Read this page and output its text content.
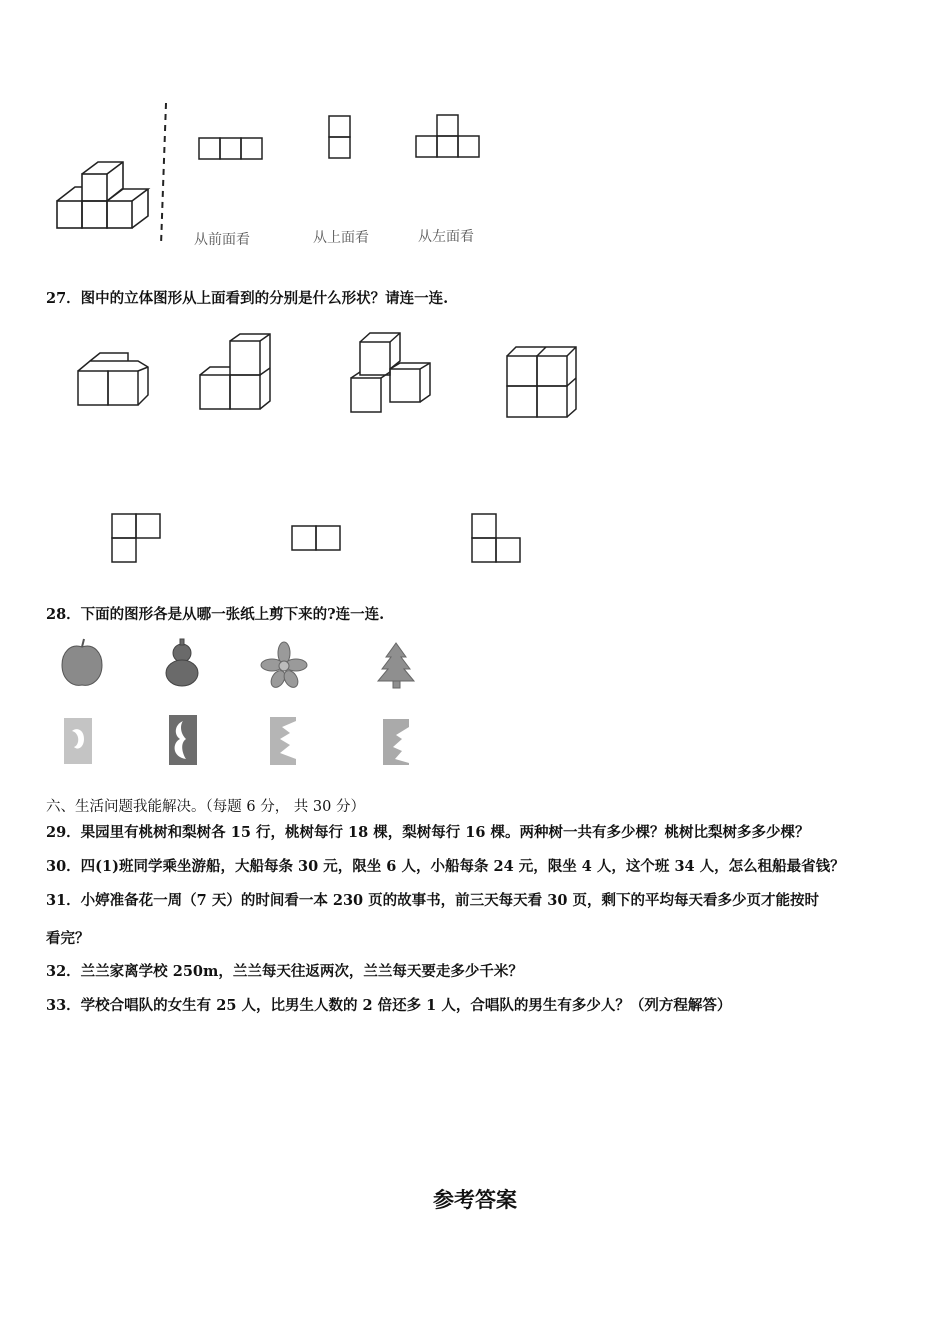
从前面看	从上面看	从左面看
27．图中的立体图形从上面看到的分别是什么形状？请连一连.
28．下面的图形各是从哪一张纸上剪下来的?连一连.
六、生活问题我能解决。（每题 6 分， 共 30 分）
29．果园里有桃树和梨树各 15 行，桃树每行 18 棵，梨树每行 16 棵。两种树一共有多少棵？桃树比梨树多多少棵？
30．四(1)班同学乘坐游船，大船每条 30 元，限坐 6 人，小船每条 24 元，限坐 4 人，这个班 34 人，怎么租船最省钱？
31．小婷准备花一周（7 天）的时间看一本 230 页的故事书，前三天每天看 30 页，剩下的平均每天看多少页才能按时
看完？
32．兰兰家离学校 250m，兰兰每天往返两次，兰兰每天要走多少千米？
33．学校合唱队的女生有 25 人，比男生人数的 2 倍还多 1 人，合唱队的男生有多少人？（列方程解答）
参考答案
